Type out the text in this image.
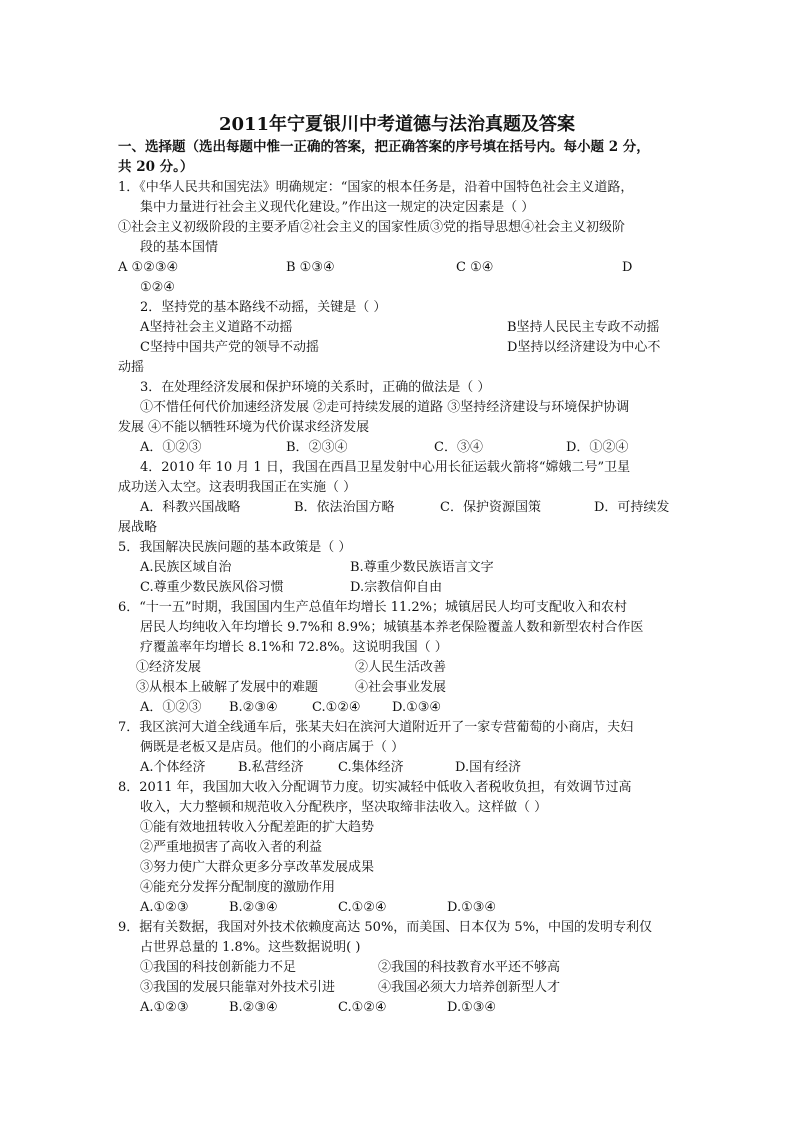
2011年宁夏银川中考道德与法治真题及答案
一、选择题（选出每题中惟一正确的答案，把正确答案的序号填在括号内。每小题 2 分，
共 20 分。）
1．《中华人民共和国宪法》明确规定：“国家的根本任务是，沿着中国特色社会主义道路，
集中力量进行社会主义现代化建设。”作出这一规定的决定因素是（ ）
①社会主义初级阶段的主要矛盾②社会主义的国家性质③党的指导思想④社会主义初级阶
段的基本国情
A ①②③④	B ①③④	C ①④	D
①②④
2．坚持党的基本路线不动摇，关键是（ ）
A坚持社会主义道路不动摇	B坚持人民民主专政不动摇
C坚持中国共产党的领导不动摇	D坚持以经济建设为中心不
动摇
3．在处理经济发展和保护环境的关系时，正确的做法是（ ）
①不惜任何代价加速经济发展 ②走可持续发展的道路 ③坚持经济建设与环境保护协调
发展 ④不能以牺牲环境为代价谋求经济发展
A．①②③	B．②③④	C．③④	D．①②④
4．2010 年 10 月 1 日，我国在西昌卫星发射中心用长征运载火箭将“嫦娥二号”卫星
成功送入太空。这表明我国正在实施（ ）
A．科教兴国战略	B．依法治国方略	C．保护资源国策	D．可持续发
展战略
5．我国解决民族问题的基本政策是（ ）
A.民族区域自治	B.尊重少数民族语言文字
C.尊重少数民族风俗习惯	D.宗教信仰自由
6．“十一五”时期，我国国内生产总值年均增长 11.2%；城镇居民人均可支配收入和农村
居民人均纯收入年均增长 9.7%和 8.9%；城镇基本养老保险覆盖人数和新型农村合作医
疗覆盖率年均增长 8.1%和 72.8%。这说明我国（ ）
①经济发展	②人民生活改善
③从根本上破解了发展中的难题	④社会事业发展
A．①②③ B.②③④	C.①②④ D.①③④
7．我区滨河大道全线通车后，张某夫妇在滨河大道附近开了一家专营葡萄的小商店，夫妇
俩既是老板又是店员。他们的小商店属于（ ）
A.个体经济 B.私营经济	C.集体经济	D.国有经济
8．2011 年，我国加大收入分配调节力度。切实减轻中低收入者税收负担，有效调节过高
收入，大力整顿和规范收入分配秩序，坚决取缔非法收入。这样做（ ）
①能有效地扭转收入分配差距的扩大趋势
②严重地损害了高收入者的利益
③努力使广大群众更多分享改革发展成果
④能充分发挥分配制度的激励作用
A.①②③	B.②③④	C.①②④	D.①③④
9．据有关数据，我国对外技术依赖度高达 50%，而美国、日本仅为 5%，中国的发明专利仅
占世界总量的 1.8%。这些数据说明( )
①我国的科技创新能力不足	②我国的科技教育水平还不够高
③我国的发展只能靠对外技术引进	④我国必须大力培养创新型人才
A.①②③	B.②③④	C.①②④	D.①③④
